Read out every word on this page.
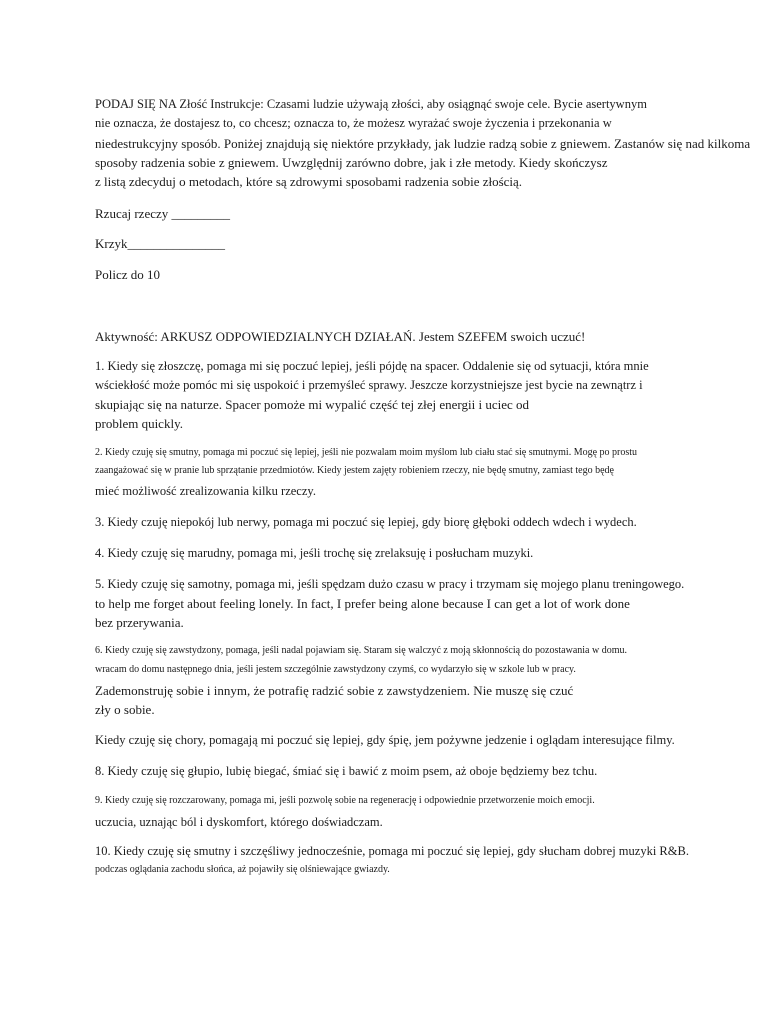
PODAJ SIĘ NA Złość Instrukcje: Czasami ludzie używają złości, aby osiągnąć swoje cele. Bycie asertywnym
nie oznacza, że dostajesz to, co chcesz; oznacza to, że możesz wyrażać swoje życzenia i przekonania w
niedestrukcyjny sposób. Poniżej znajdują się niektóre przykłady, jak ludzie radzą sobie z gniewem. Zastanów się nad kilkoma
sposoby radzenia sobie z gniewem. Uwzględnij zarówno dobre, jak i złe metody. Kiedy skończysz
z listą zdecyduj o metodach, które są zdrowymi sposobami radzenia sobie złością.
Rzucaj rzeczy _________
Krzyk_______________
Policz do 10
Aktywność: ARKUSZ ODPOWIEDZIALNYCH DZIAŁAŃ. Jestem SZEFEM swoich uczuć!
1. Kiedy się złoszczę, pomaga mi się poczuć lepiej, jeśli pójdę na spacer. Oddalenie się od sytuacji, która mnie
wściekłość może pomóc mi się uspokoić i przemyśleć sprawy. Jeszcze korzystniejsze jest bycie na zewnątrz i
skupiając się na naturze. Spacer pomoże mi wypalić część tej złej energii i uciec od
problem quickly.
2. Kiedy czuję się smutny, pomaga mi poczuć się lepiej, jeśli nie pozwalam moim myślom lub ciału stać się smutnymi. Mogę po prostu
zaangażować się w pranie lub sprzątanie przedmiotów. Kiedy jestem zajęty robieniem rzeczy, nie będę smutny, zamiast tego będę
mieć możliwość zrealizowania kilku rzeczy.
3. Kiedy czuję niepokój lub nerwy, pomaga mi poczuć się lepiej, gdy biorę głęboki oddech wdech i wydech.
4. Kiedy czuję się marudny, pomaga mi, jeśli trochę się zrelaksuję i posłucham muzyki.
5. Kiedy czuję się samotny, pomaga mi, jeśli spędzam dużo czasu w pracy i trzymam się mojego planu treningowego.
to help me forget about feeling lonely. In fact, I prefer being alone because I can get a lot of work done
bez przerywania.
6. Kiedy czuję się zawstydzony, pomaga, jeśli nadal pojawiam się. Staram się walczyć z moją skłonnością do pozostawania w domu.
wracam do domu następnego dnia, jeśli jestem szczególnie zawstydzony czymś, co wydarzyło się w szkole lub w pracy.
Zademonstruję sobie i innym, że potrafię radzić sobie z zawstydzeniem. Nie muszę się czuć
zły o sobie.
Kiedy czuję się chory, pomagają mi poczuć się lepiej, gdy śpię, jem pożywne jedzenie i oglądam interesujące filmy.
8. Kiedy czuję się głupio, lubię biegać, śmiać się i bawić z moim psem, aż oboje będziemy bez tchu.
9. Kiedy czuję się rozczarowany, pomaga mi, jeśli pozwolę sobie na regenerację i odpowiednie przetworzenie moich emocji.
uczucia, uznając ból i dyskomfort, którego doświadczam.
10. Kiedy czuję się smutny i szczęśliwy jednocześnie, pomaga mi poczuć się lepiej, gdy słucham dobrej muzyki R&B.
podczas oglądania zachodu słońca, aż pojawiły się olśniewające gwiazdy.
